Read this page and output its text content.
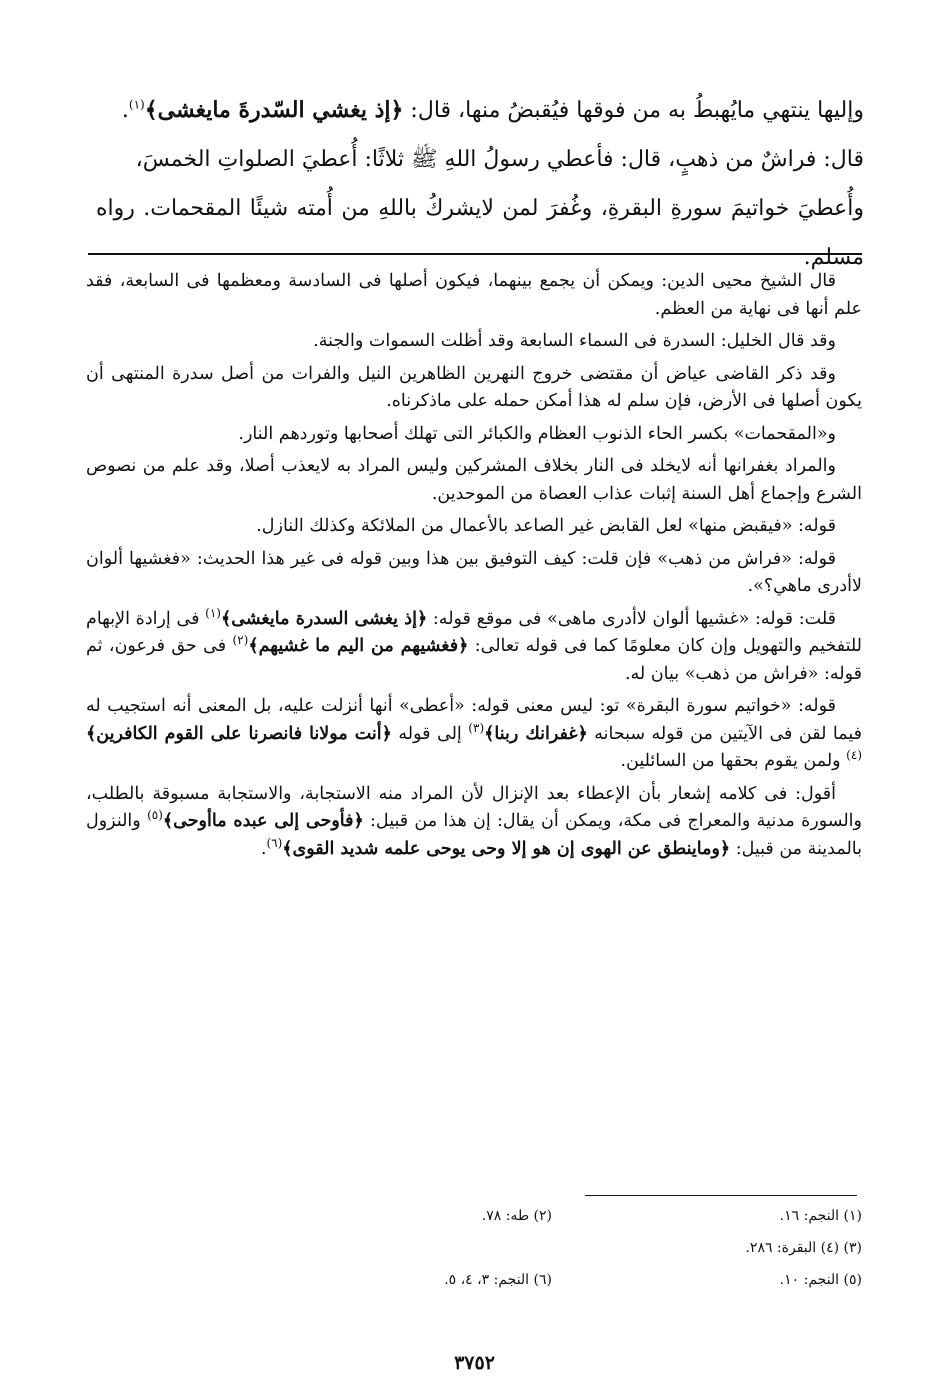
وإليها ينتهي مايُهبطُ به من فوقها فيُقبضُ منها، قال: ﴿إذ يغشي السّدرةَ مايغشى﴾$^{(١)}$.

قال: فراشٌ من ذهبٍ، قال: فأعطي رسولُ اللهِ ﷺ ثلاثًا: أُعطيَ الصلواتِ الخمسَ،

وأُعطيَ خواتيمَ سورةِ البقرةِ، وغُفرَ لمن لايشركُ باللهِ من أُمته شيئًا المقحمات. رواه مسلم.

قال الشيخ محيى الدين: ويمكن أن يجمع بينهما، فيكون أصلها فى السادسة ومعظمها فى السابعة، فقد علم أنها فى نهاية من العظم.

وقد قال الخليل: السدرة فى السماء السابعة وقد أظلت السموات والجنة.

وقد ذكر القاضى عياض أن مقتضى خروج النهرين الظاهرين النيل والفرات من أصل سدرة المنتهى أن يكون أصلها فى الأرض، فإن سلم له هذا أمكن حمله على ماذكرناه.

و«المقحمات» بكسر الحاء الذنوب العظام والكبائر التى تهلك أصحابها وتوردهم النار.

والمراد بغفرانها أنه لايخلد فى النار بخلاف المشركين وليس المراد به لايعذب أصلا، وقد علم من نصوص الشرع وإجماع أهل السنة إثبات عذاب العصاة من الموحدين.

قوله: «فيقبض منها» لعل القابض غير الصاعد بالأعمال من الملائكة وكذلك النازل.

قوله: «فراش من ذهب» فإن قلت: كيف التوفيق بين هذا وبين قوله فى غير هذا الحديث: «فغشيها ألوان لاأدرى ماهي؟».

قلت: قوله: «غشيها ألوان لاأدرى ماهى» فى موقع قوله: ﴿إذ يغشى السدرة مايغشى﴾$^{(١)}$ فى إرادة الإبهام للتفخيم والتهويل وإن كان معلومًا كما فى قوله تعالى: ﴿فغشيهم من اليم ما غشيهم﴾$^{(٢)}$ فى حق فرعون، ثم قوله: «فراش من ذهب» بيان له.

قوله: «خواتيم سورة البقرة» تو: ليس معنى قوله: «أعطى» أنها أنزلت عليه، بل المعنى أنه استجيب له فيما لقن فى الآيتين من قوله سبحانه ﴿غفرانك ربنا﴾$^{(٣)}$ إلى قوله ﴿أنت مولانا فانصرنا على القوم الكافرين﴾$^{(٤)}$ ولمن يقوم بحقها من السائلين.

أقول: فى كلامه إشعار بأن الإعطاء بعد الإنزال لأن المراد منه الاستجابة، والاستجابة مسبوقة بالطلب، والسورة مدنية والمعراج فى مكة، ويمكن أن يقال: إن هذا من قبيل: ﴿فأوحى إلى عبده ماأوحى﴾$^{(٥)}$ والنزول بالمدينة من قبيل: ﴿وماينطق عن الهوى إن هو إلا وحى يوحى علمه شديد القوى﴾$^{(٦)}$.

(١) النجم: ١٦.
(٢) طه: ٧٨.
(٣) (٤) البقرة: ٢٨٦.
(٥) النجم: ١٠.
(٦) النجم: ٣، ٤، ٥.
٣٧٥٢
